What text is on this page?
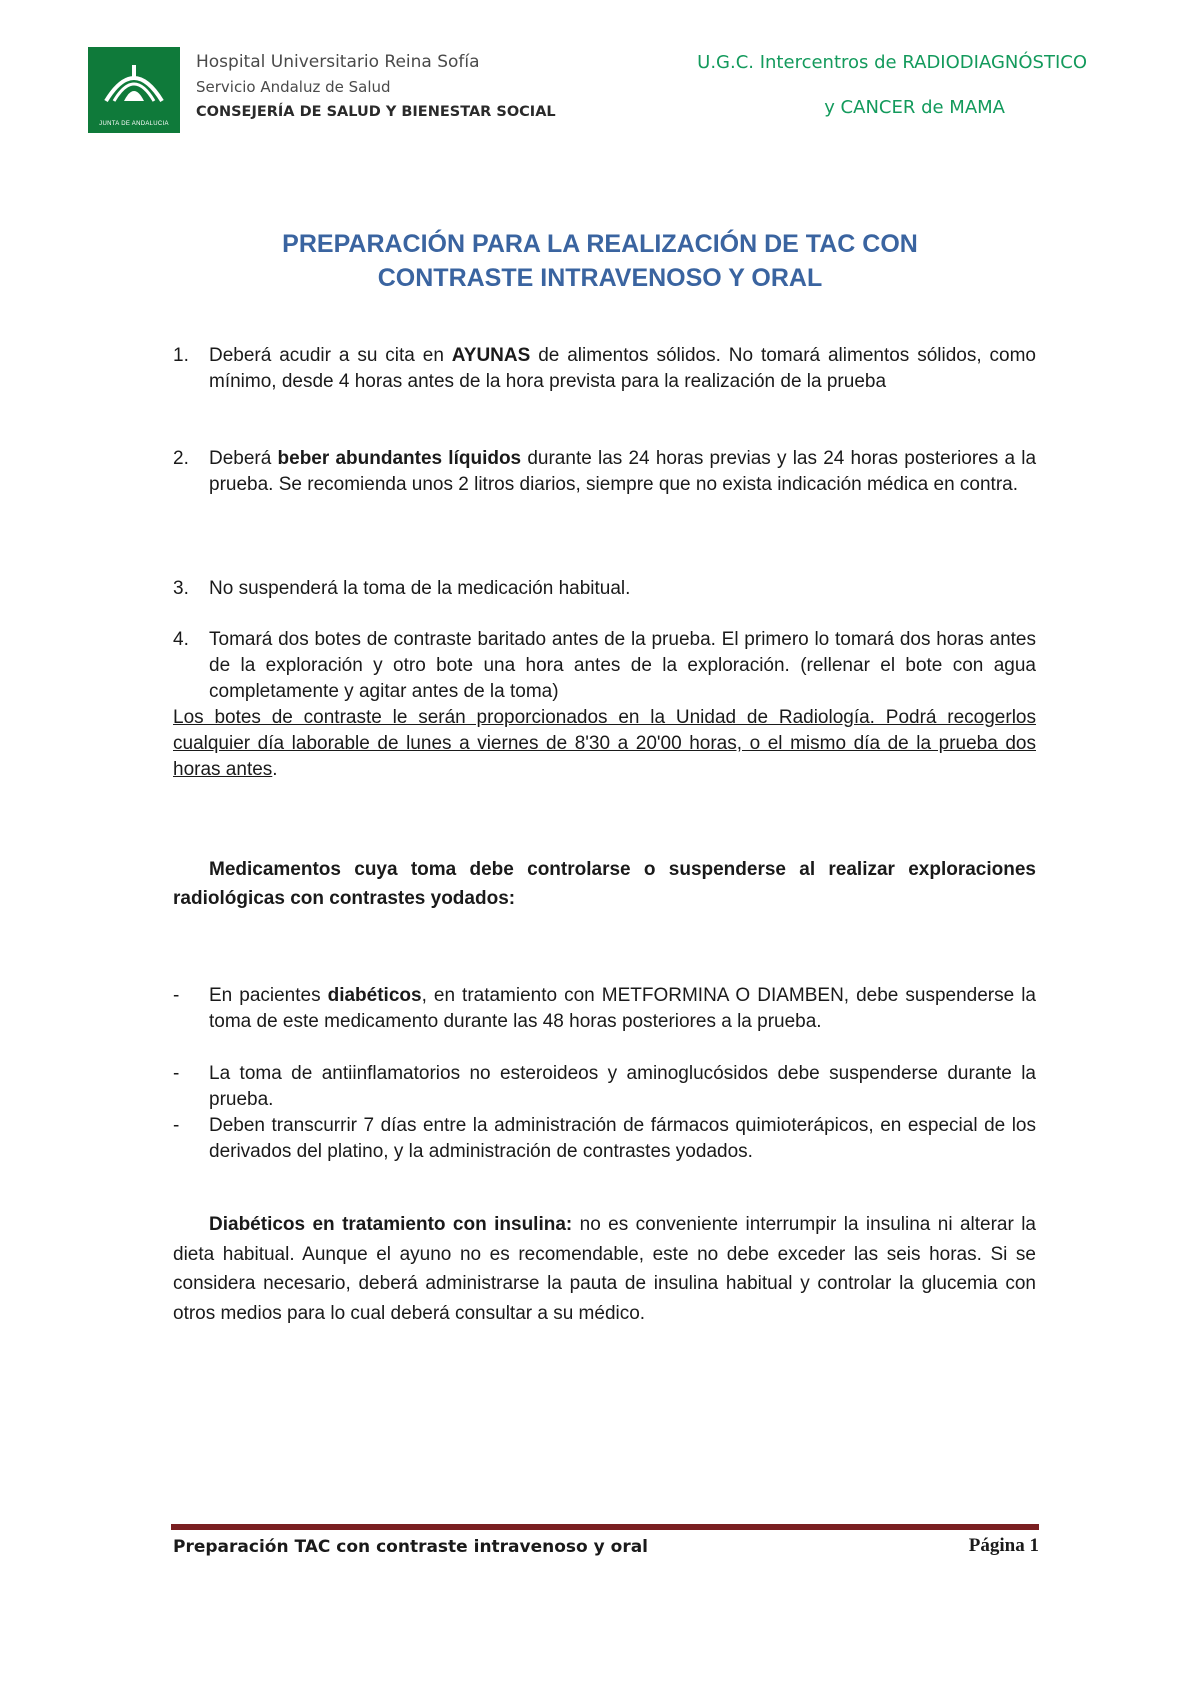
JUNTA DE ANDALUCIA
Hospital Universitario Reina Sofía
Servicio Andaluz de Salud
CONSEJERÍA DE SALUD Y BIENESTAR SOCIAL
U.G.C. Intercentros de RADIODIAGNÓSTICO
y CANCER de MAMA
PREPARACIÓN PARA LA REALIZACIÓN DE TAC CON
CONTRASTE INTRAVENOSO Y ORAL
1. Deberá acudir a su cita en AYUNAS de alimentos sólidos. No tomará alimentos sólidos, como mínimo, desde 4 horas antes de la hora prevista para la realización de la prueba
2. Deberá beber abundantes líquidos durante las 24 horas previas y las 24 horas posteriores a la prueba. Se recomienda unos 2 litros diarios, siempre que no exista indicación médica en contra.
3. No suspenderá la toma de la medicación habitual.
4. Tomará dos botes de contraste baritado antes de la prueba. El primero lo tomará dos horas antes de la exploración y otro bote una hora antes de la exploración. (rellenar el bote con agua completamente y agitar antes de la toma)
Los botes de contraste le serán proporcionados en la Unidad de Radiología. Podrá recogerlos cualquier día laborable de lunes a viernes de 8'30 a 20'00 horas, o el mismo día de la prueba dos horas antes.
Medicamentos cuya toma debe controlarse o suspenderse al realizar exploraciones radiológicas con contrastes yodados:
- En pacientes diabéticos, en tratamiento con METFORMINA O DIAMBEN, debe suspenderse la toma de este medicamento durante las 48 horas posteriores a la prueba.
- La toma de antiinflamatorios no esteroideos y aminoglucósidos debe suspenderse durante la prueba.
- Deben transcurrir 7 días entre la administración de fármacos quimioterápicos, en especial de los derivados del platino, y la administración de contrastes yodados.
Diabéticos en tratamiento con insulina: no es conveniente interrumpir la insulina ni alterar la dieta habitual. Aunque el ayuno no es recomendable, este no debe exceder las seis horas. Si se considera necesario, deberá administrarse la pauta de insulina habitual y controlar la glucemia con otros medios para lo cual deberá consultar a su médico.
Preparación TAC con contraste intravenoso y oral	Página 1
